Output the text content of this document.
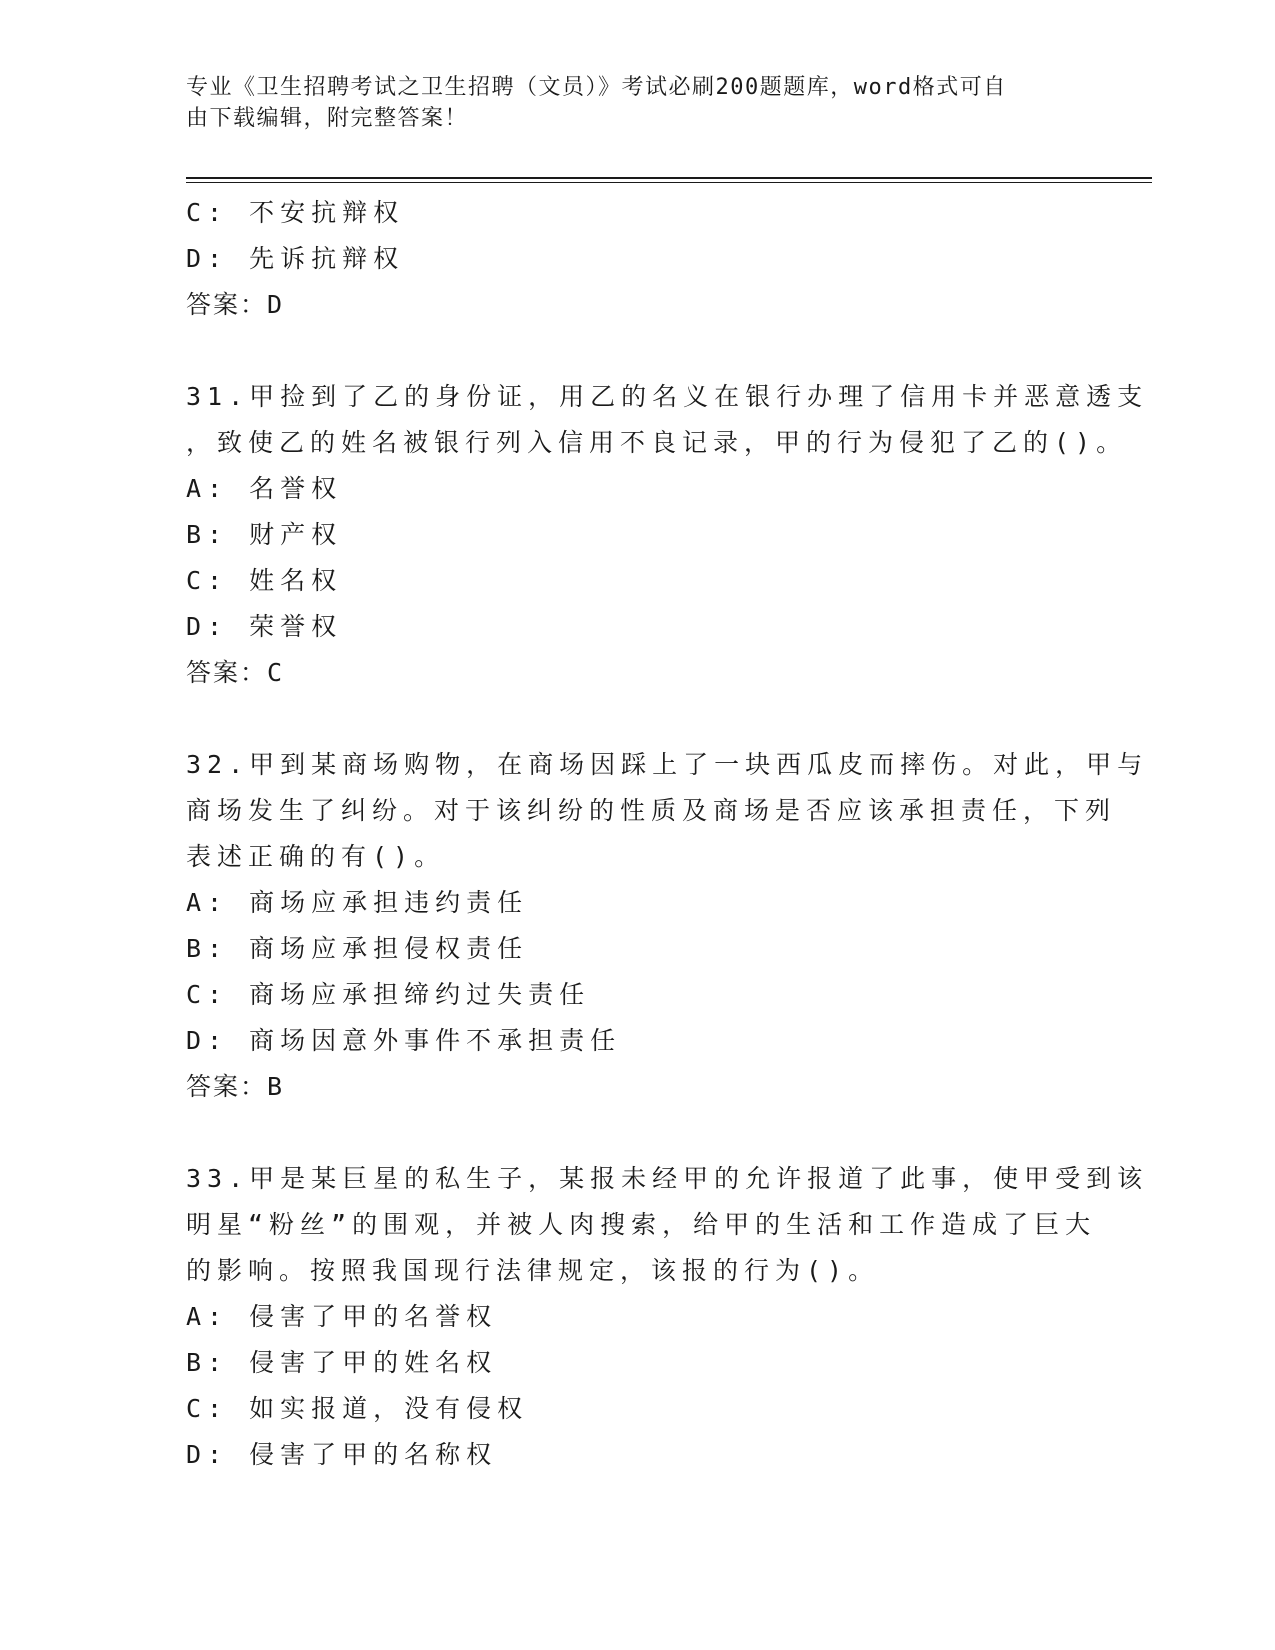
专业《卫生招聘考试之卫生招聘（文员）》考试必刷200题题库，word格式可自
由下载编辑，附完整答案！
C: 不安抗辩权
D: 先诉抗辩权
答案：D
31.甲捡到了乙的身份证，用乙的名义在银行办理了信用卡并恶意透支
，致使乙的姓名被银行列入信用不良记录，甲的行为侵犯了乙的()。
A: 名誉权
B: 财产权
C: 姓名权
D: 荣誉权
答案：C
32.甲到某商场购物，在商场因踩上了一块西瓜皮而摔伤。对此，甲与
商场发生了纠纷。对于该纠纷的性质及商场是否应该承担责任，下列
表述正确的有()。
A: 商场应承担违约责任
B: 商场应承担侵权责任
C: 商场应承担缔约过失责任
D: 商场因意外事件不承担责任
答案：B
33.甲是某巨星的私生子，某报未经甲的允许报道了此事，使甲受到该
明星“粉丝”的围观，并被人肉搜索，给甲的生活和工作造成了巨大
的影响。按照我国现行法律规定，该报的行为()。
A: 侵害了甲的名誉权
B: 侵害了甲的姓名权
C: 如实报道，没有侵权
D: 侵害了甲的名称权
